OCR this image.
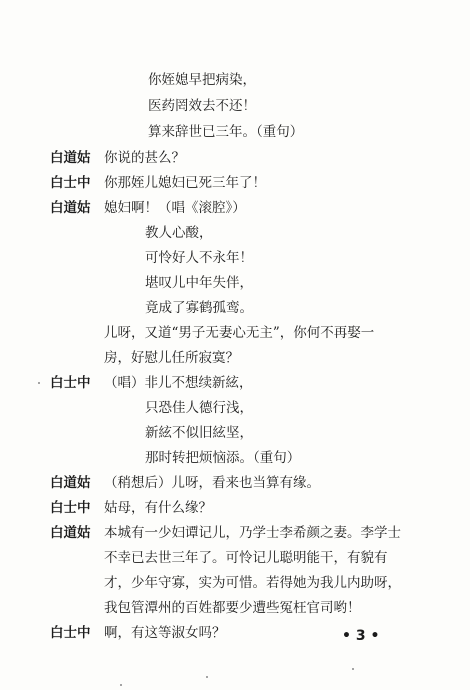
你姪媳早把病染，
医药罔效去不还！
算来辞世已三年。（重句）
白道姑 你说的甚么？
白士中 你那姪儿媳妇已死三年了！
白道姑 媳妇啊！（唱《滚腔》）
教人心酸，
可怜好人不永年！
堪叹儿中年失伴，
竟成了寡鹤孤鸾。
儿呀，又道“男子无妻心无主”，你何不再娶一
房，好慰儿任所寂寞？
白士中 （唱）非儿不想续新絃，
只恐佳人德行浅，
新絃不似旧絃坚，
那时转把烦恼添。（重句）
白道姑 （稍想后）儿呀，看来也当算有缘。
白士中 姑母，有什么缘？
白道姑 本城有一少妇谭记儿，乃学士李希颜之妻。李学士
不幸已去世三年了。可怜记儿聪明能干，有貌有
才，少年守寡，实为可惜。若得她为我儿内助呀，
我包管潭州的百姓都要少遭些冤枉官司哟！
白士中 啊，有这等淑女吗？	• 3 •
